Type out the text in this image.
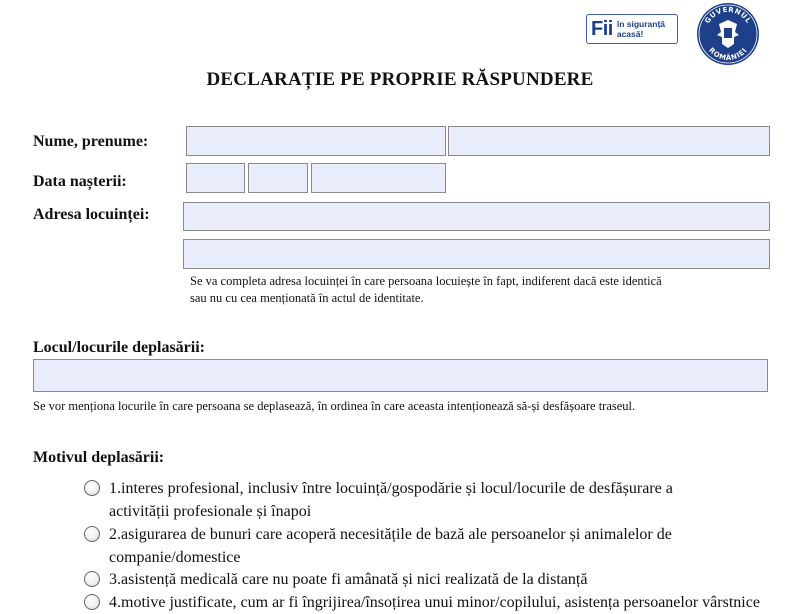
Fii în siguranță
acasă!
GUVERNUL
ROMÂNIEI
DECLARAȚIE PE PROPRIE RĂSPUNDERE
Nume, prenume:
Data nașterii:
Adresa locuinței:
Se va completa adresa locuinței în care persoana locuiește în fapt, indiferent dacă este identică
sau nu cu cea menționată în actul de identitate.
Locul/locurile deplasării:
Se vor menționa locurile în care persoana se deplasează, în ordinea în care aceasta intenționează să-și desfășoare traseul.
Motivul deplasării:
1.interes profesional, inclusiv între locuință/gospodărie și locul/locurile de desfășurare a
activității profesionale și înapoi
2.asigurarea de bunuri care acoperă necesitățile de bază ale persoanelor și animalelor de
companie/domestice
3.asistență medicală care nu poate fi amânată și nici realizată de la distanță
4.motive justificate, cum ar fi îngrijirea/însoțirea unui minor/copilului, asistența persoanelor vârstnice
